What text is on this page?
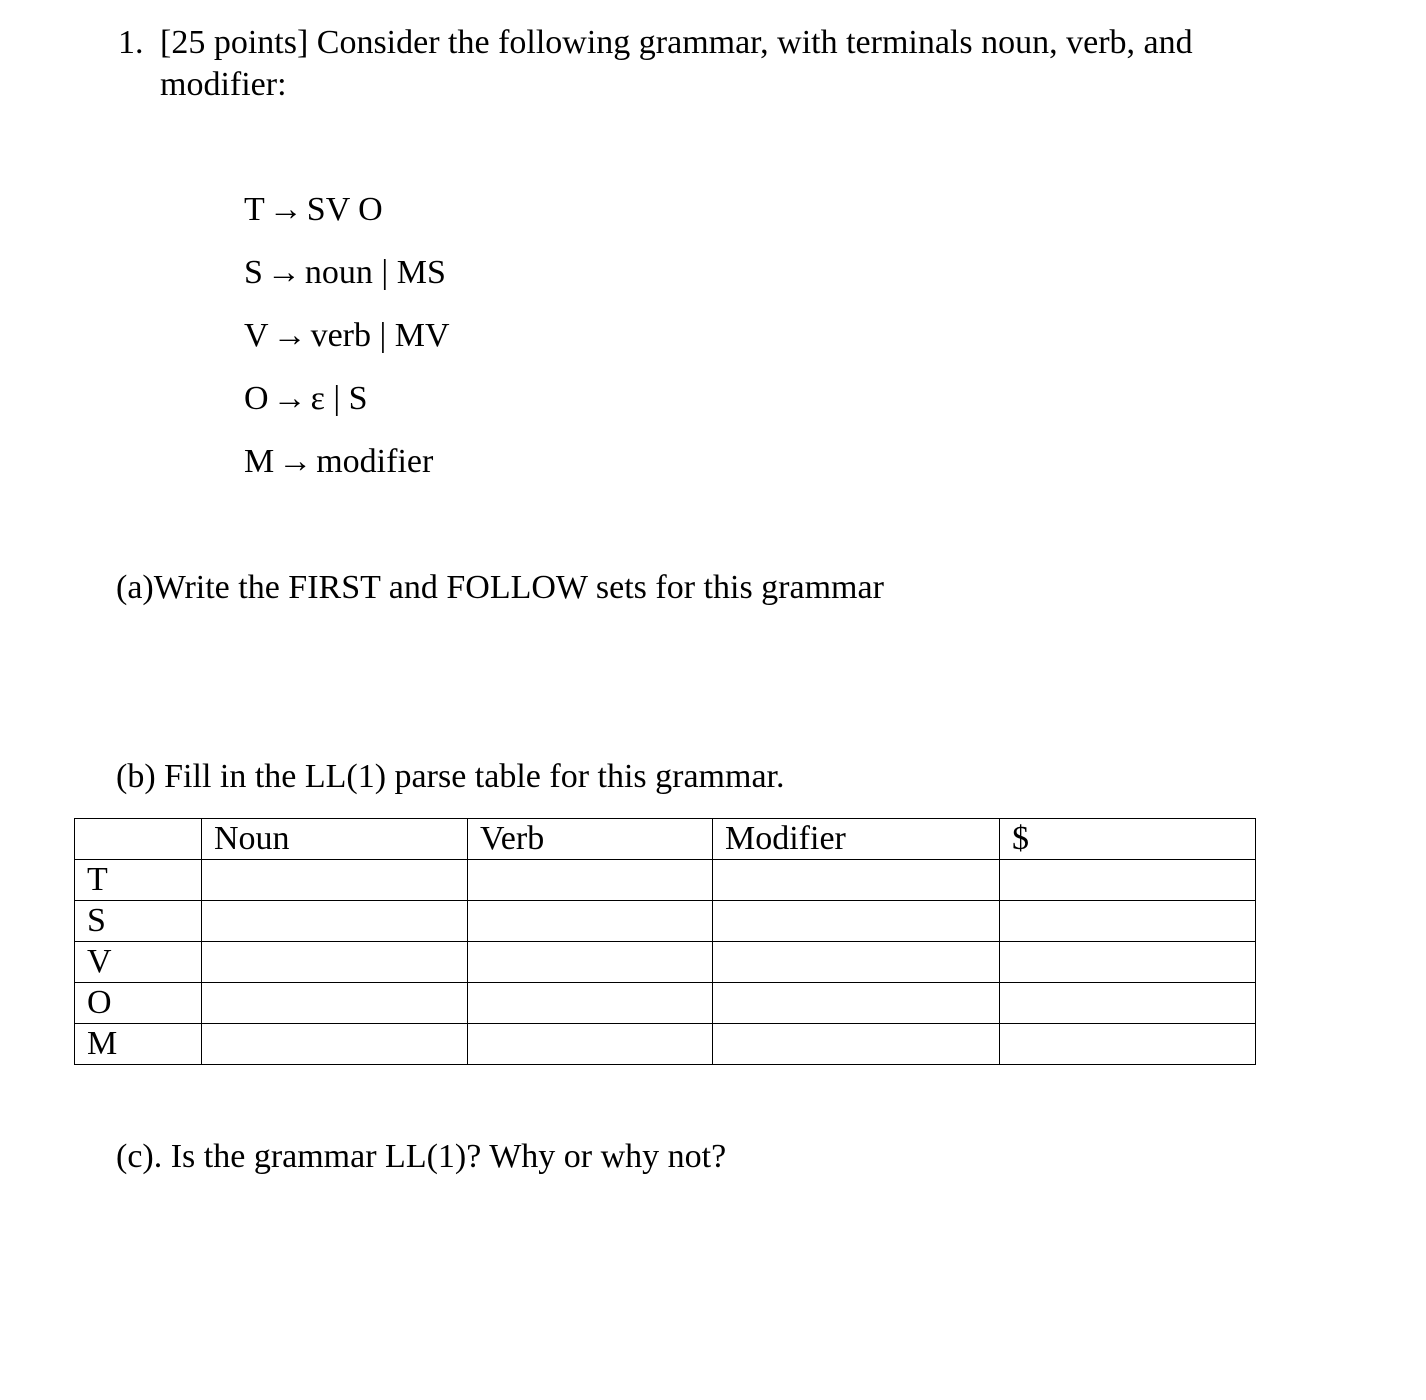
1. [25 points] Consider the following grammar, with terminals noun, verb, and modifier:
T → SV O
S → noun | MS
V → verb | MV
O → ε | S
M → modifier
(a)Write the FIRST and FOLLOW sets for this grammar
(b) Fill in the LL(1) parse table for this grammar.
	Noun	Verb	Modifier	$
T				
S				
V				
O				
M				
(c). Is the grammar LL(1)? Why or why not?
